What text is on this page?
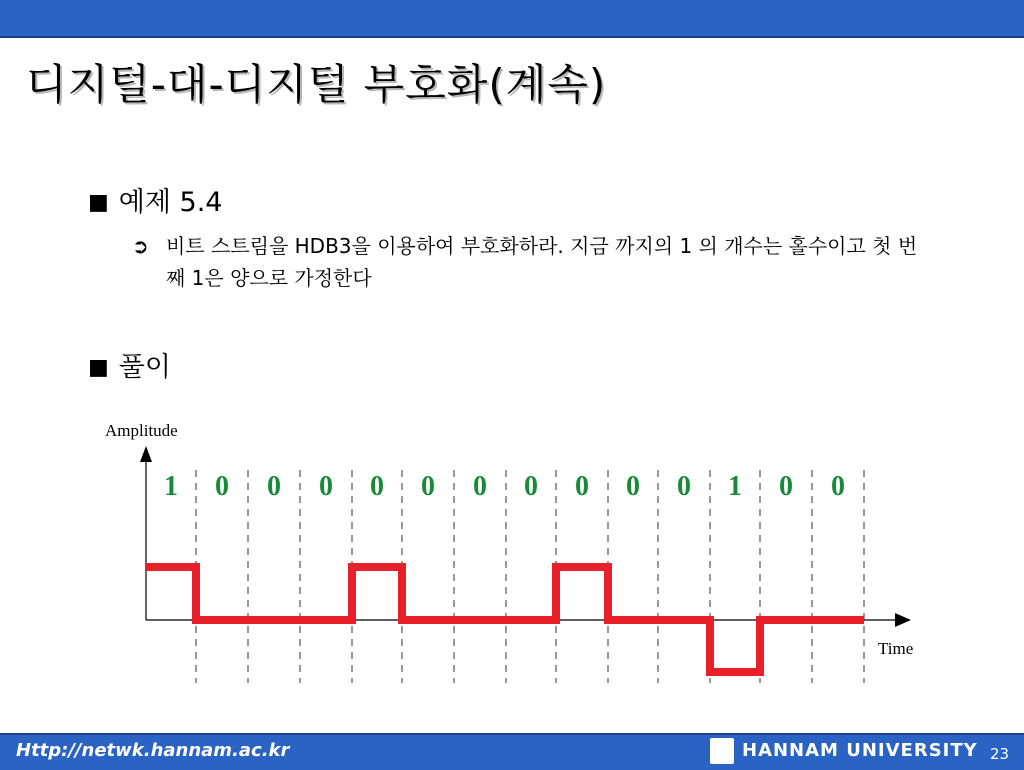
디지털-대-디지털 부호화(계속)
■ 예제 5.4
➲ 비트 스트림을 HDB3을 이용하여 부호화하라. 지금 까지의 1 의 개수는 홀수이고 첫 번째 1은 양으로 가정한다
■ 풀이
Amplitude
Time
1 0 0 0 0 0 0 0 0 0 0 1 0 0
Http://netwk.hannam.ac.kr	HANNAM UNIVERSITY 23
